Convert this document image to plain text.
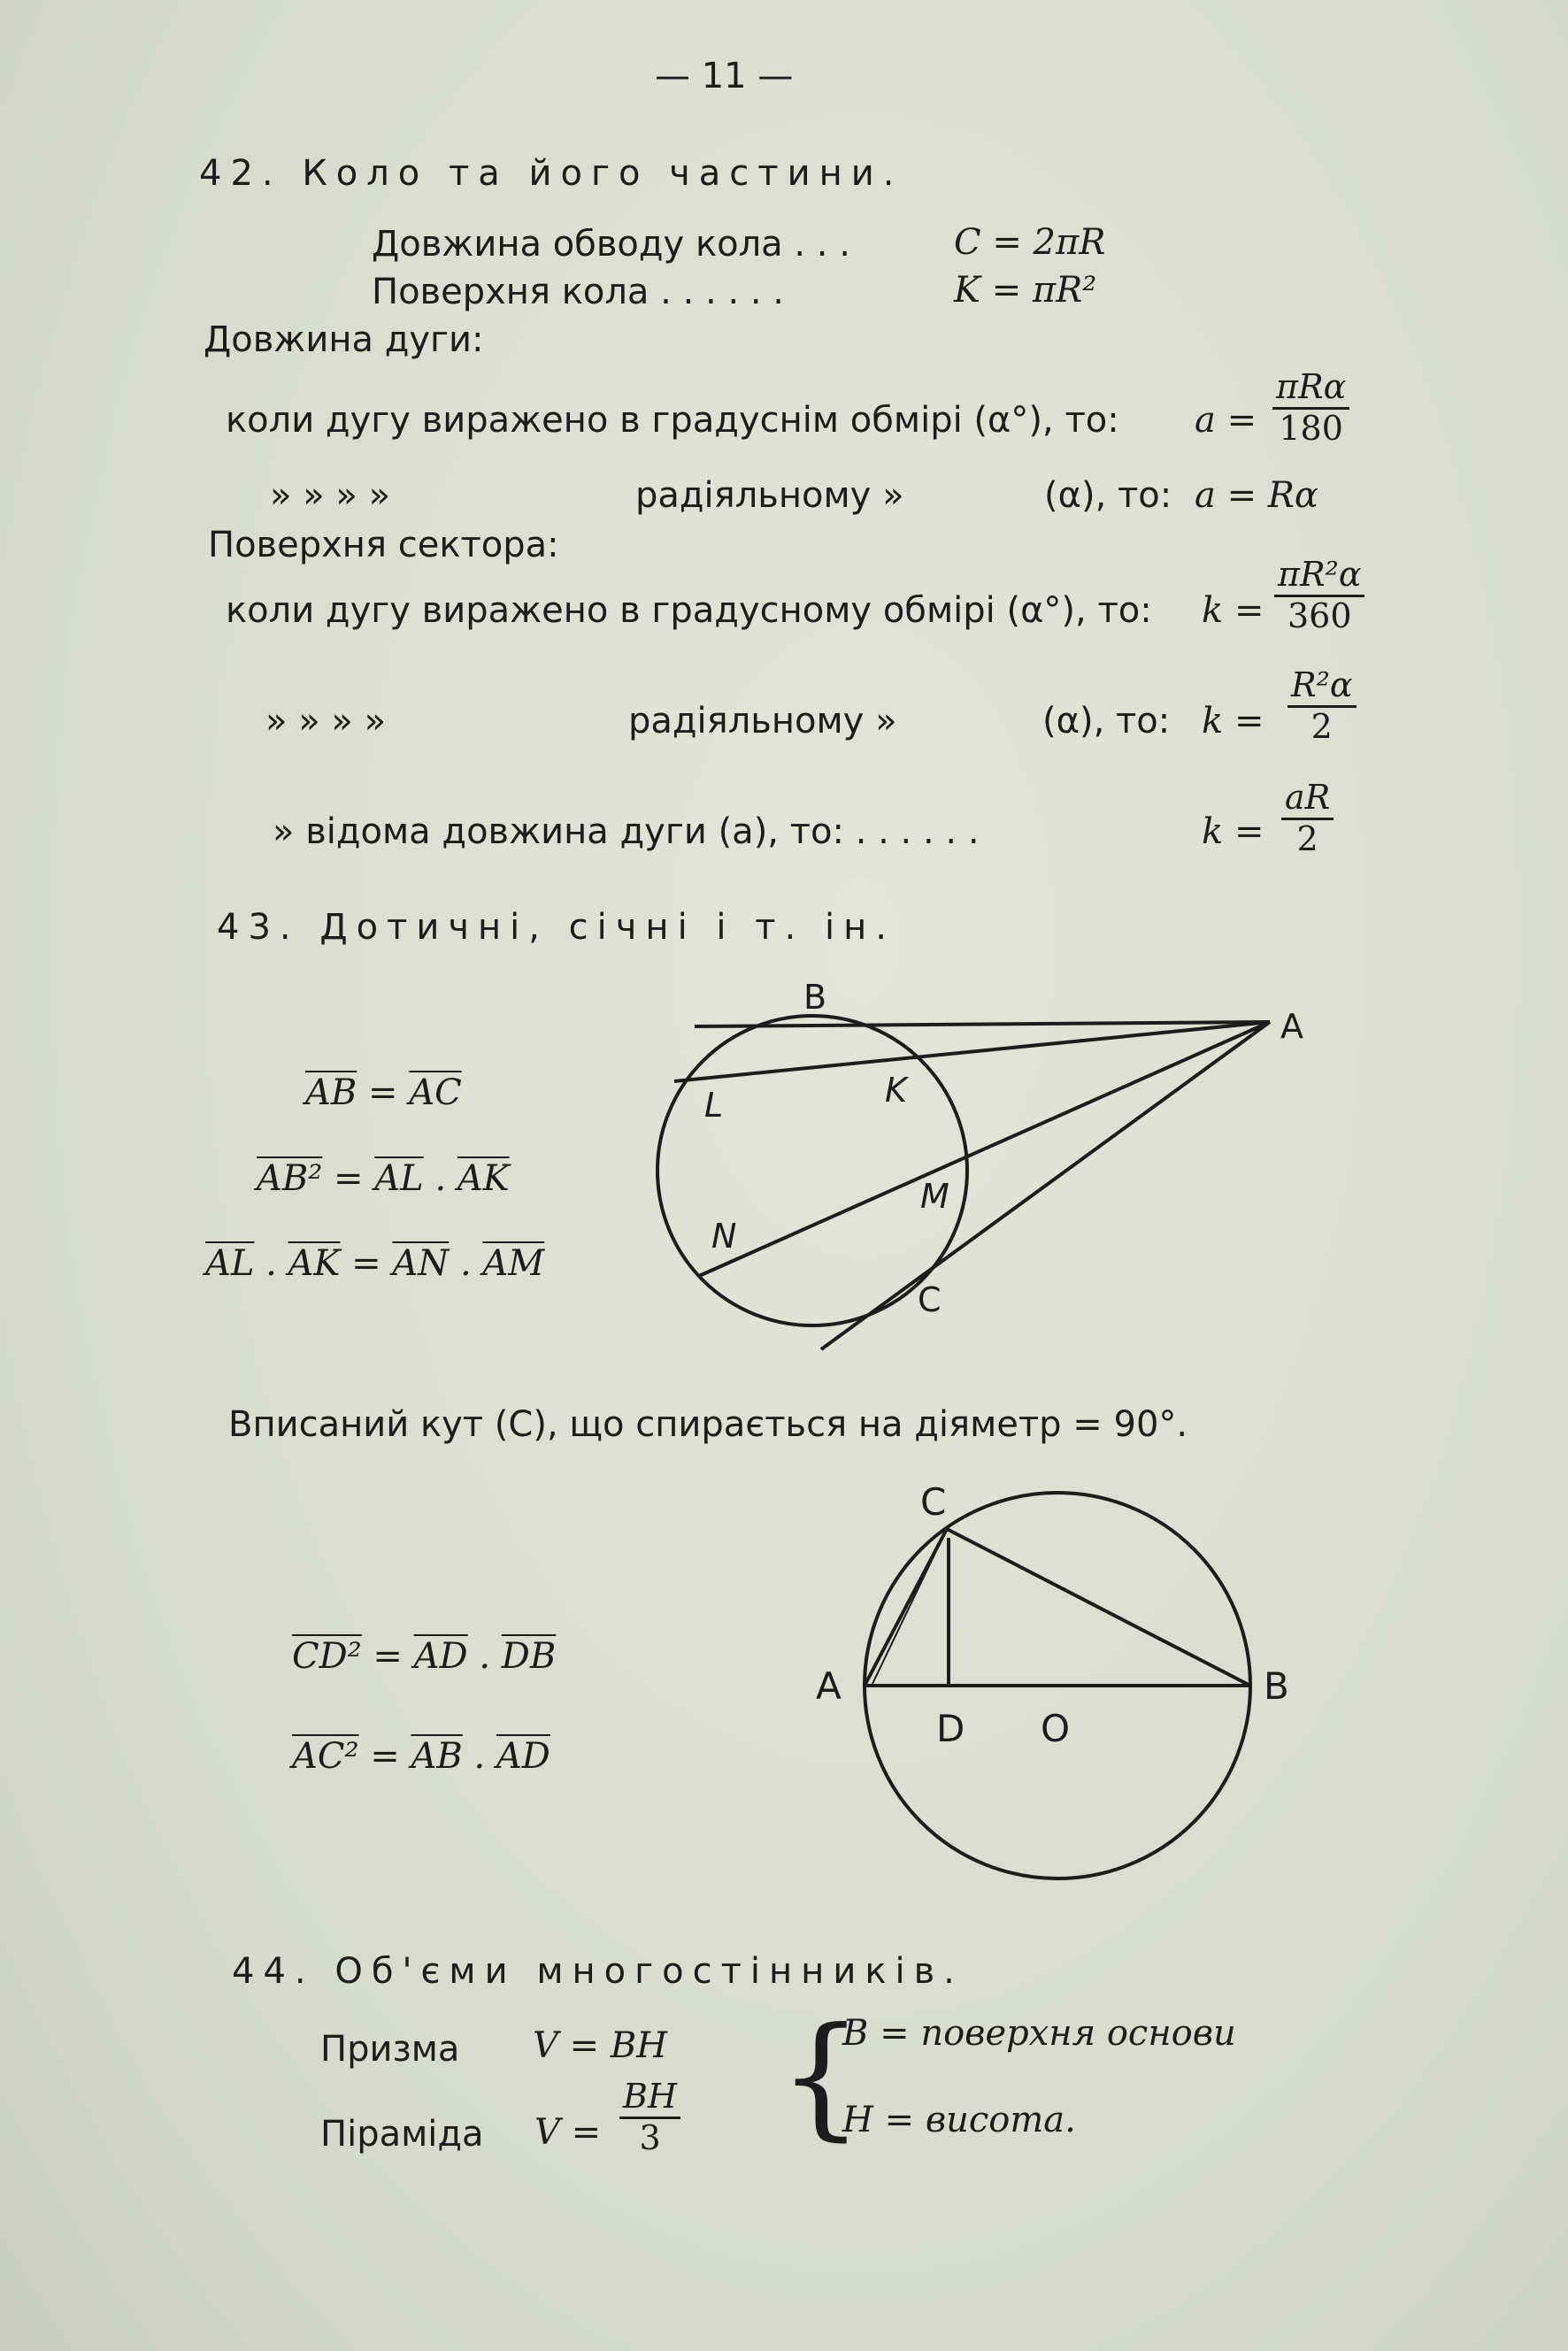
— 11 —
42. Коло та його частини.
Довжина обводу кола . . .	C = 2πR
Поверхня кола . . . . . .	K = πR²
Довжина дуги:
коли дугу виражено в градуснім обмірі (α°), то: a =
πRα
180
» » » »	радіяльному »	(α), то: a = Rα
Поверхня сектора:
коли дугу виражено в градусному обмірі (α°), то: k =
πR²α
360
» » » »	радіяльному »	(α), то: k =
R²α
2
» відома довжина дуги (a), то: . . . . . .	k =
aR
2
43. Дотичні, січні і т. ін.
$\overline{AB} = \overline{AC}$
$AB^2 = \overline{AL}$ . $\overline{AK}$
$\overline{AL}$ . $\overline{AK} = \overline{AN}$ . $\overline{AM}$
B
A
L	K
M
N
C
C
A	B
D O
Вписаний кут (C), що спирається на діяметр = 90°.
$CD^2 = \overline{AD}$ . $\overline{DB}$
$AC^2 = \overline{AB}$ . $\overline{AD}$
44. Об'єми многостінників.
Призма V = BH
Піраміда V =
BH
3 {
B = поверхня основи
H = висота.
